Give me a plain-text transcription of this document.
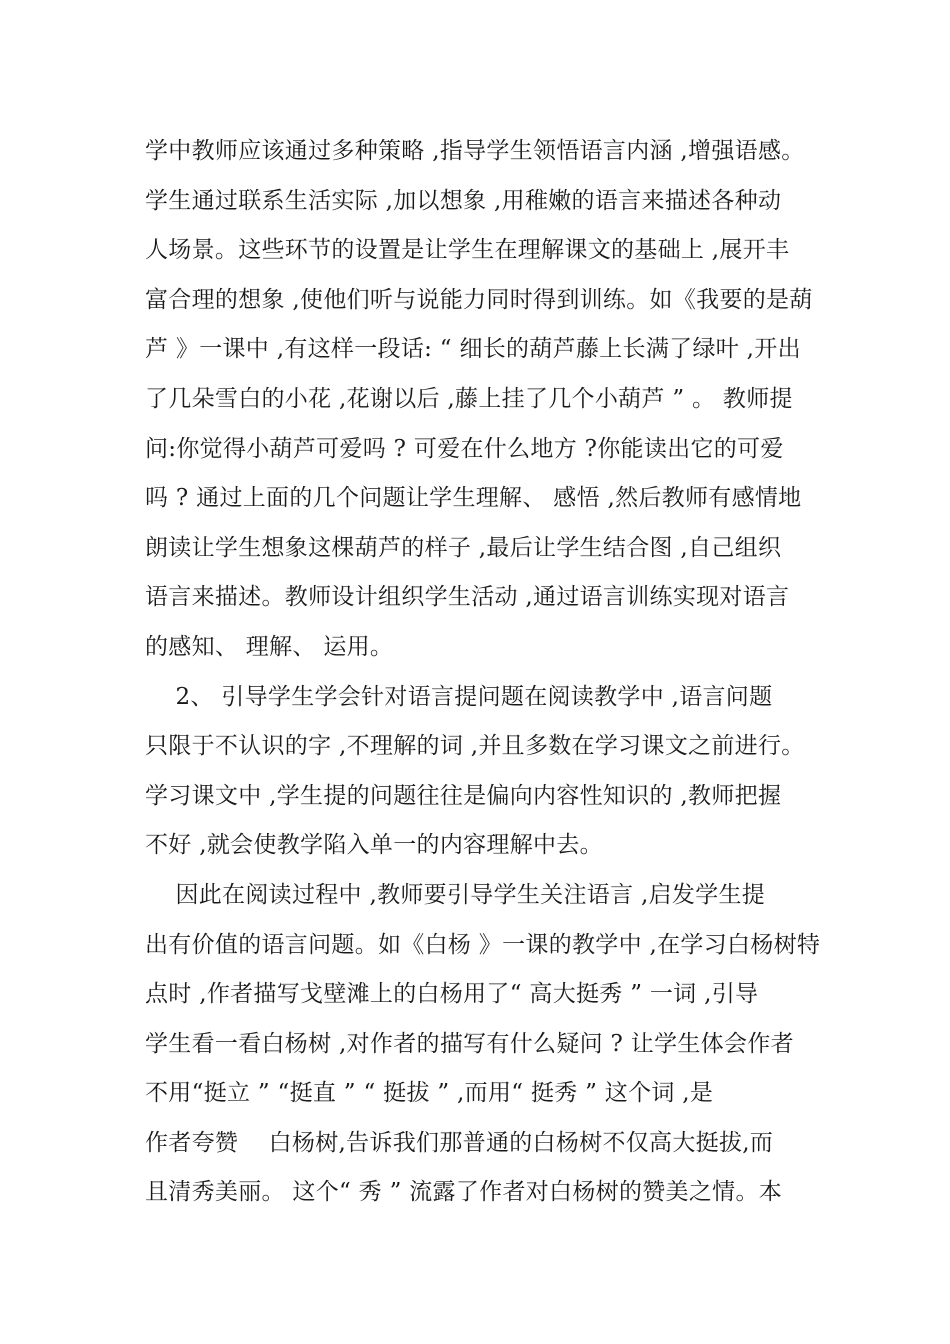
学中教师应该通过多种策略 ,指导学生领悟语言内涵 ,增强语感。
学生通过联系生活实际 ,加以想象 ,用稚嫩的语言来描述各种动
人场景。这些环节的设置是让学生在理解课文的基础上 ,展开丰
富合理的想象 ,使他们听与说能力同时得到训练。如《我要的是葫
芦 》一课中 ,有这样一段话: “ 细长的葫芦藤上长满了绿叶 ,开出
了几朵雪白的小花 ,花谢以后 ,藤上挂了几个小葫芦 ” 。 教师提
问:你觉得小葫芦可爱吗 ? 可爱在什么地方 ?你能读出它的可爱
吗 ? 通过上面的几个问题让学生理解、 感悟 ,然后教师有感情地
朗读让学生想象这棵葫芦的样子 ,最后让学生结合图 ,自己组织
语言来描述。教师设计组织学生活动 ,通过语言训练实现对语言
的感知、 理解、 运用。
2、 引导学生学会针对语言提问题在阅读教学中 ,语言问题
只限于不认识的字 ,不理解的词 ,并且多数在学习课文之前进行。
学习课文中 ,学生提的问题往往是偏向内容性知识的 ,教师把握
不好 ,就会使教学陷入单一的内容理解中去。
因此在阅读过程中 ,教师要引导学生关注语言 ,启发学生提
出有价值的语言问题。如《白杨 》一课的教学中 ,在学习白杨树特
点时 ,作者描写戈壁滩上的白杨用了“ 高大挺秀 ” 一词 ,引导
学生看一看白杨树 ,对作者的描写有什么疑问 ? 让学生体会作者
不用“挺立 ” “挺直 ” “ 挺拔 ” ,而用“ 挺秀 ” 这个词 ,是
作者夸赞    白杨树,告诉我们那普通的白杨树不仅高大挺拔,而
且清秀美丽。 这个“ 秀 ” 流露了作者对白杨树的赞美之情。本
